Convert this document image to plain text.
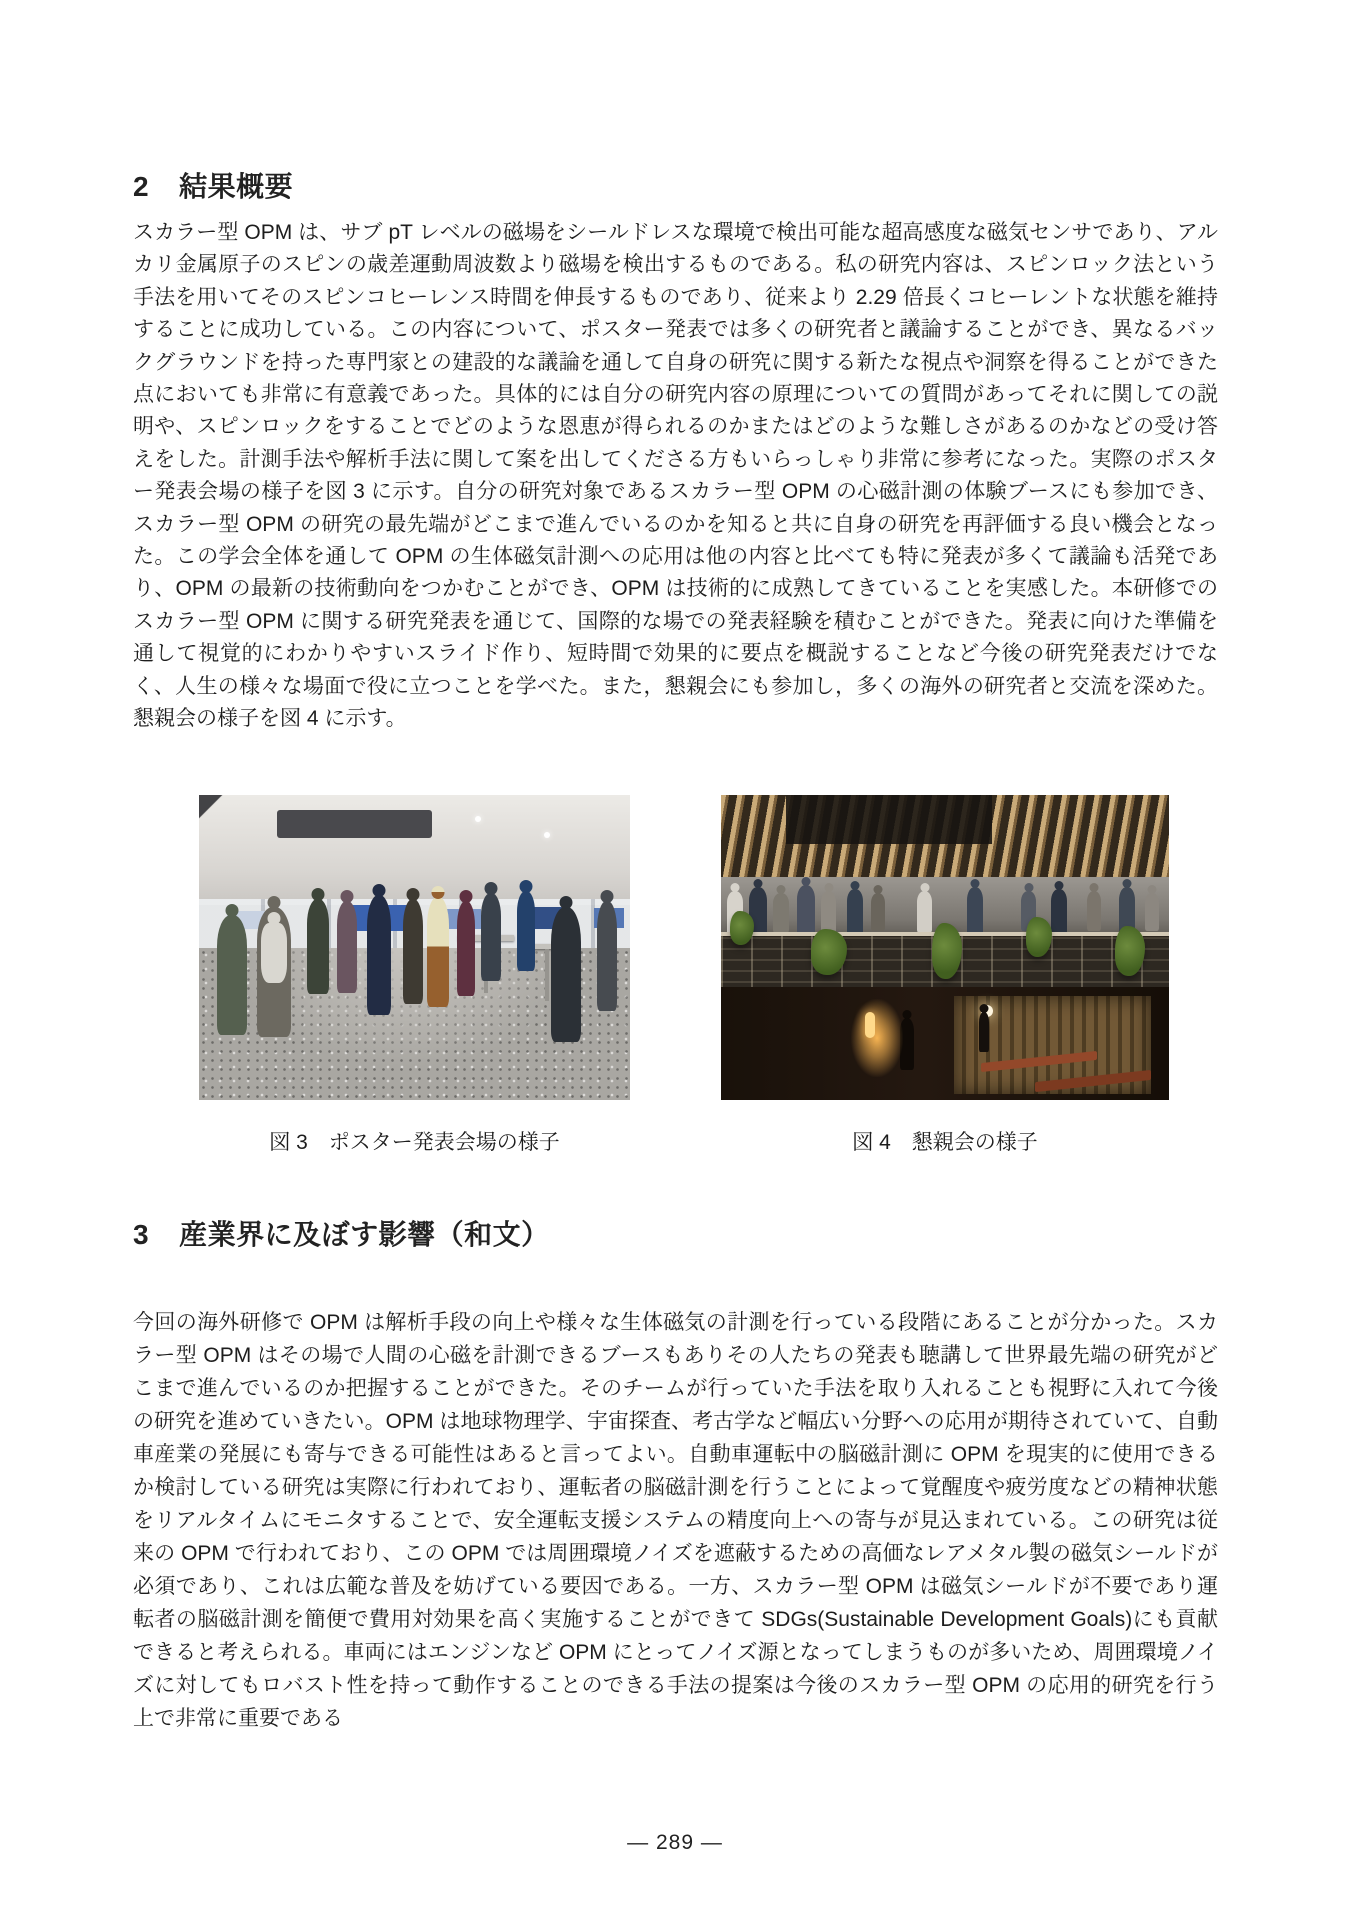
2 結果概要

スカラー型 OPM は、サブ pT レベルの磁場をシールドレスな環境で検出可能な超高感度な磁気センサであり、アルカリ金属原子のスピンの歳差運動周波数より磁場を検出するものである。私の研究内容は、スピンロック法という手法を用いてそのスピンコヒーレンス時間を伸長するものであり、従来より 2.29 倍長くコヒーレントな状態を維持することに成功している。この内容について、ポスター発表では多くの研究者と議論することができ、異なるバックグラウンドを持った専門家との建設的な議論を通して自身の研究に関する新たな視点や洞察を得ることができた点においても非常に有意義であった。具体的には自分の研究内容の原理についての質問があってそれに関しての説明や、スピンロックをすることでどのような恩恵が得られるのかまたはどのような難しさがあるのかなどの受け答えをした。計測手法や解析手法に関して案を出してくださる方もいらっしゃり非常に参考になった。実際のポスター発表会場の様子を図 3 に示す。自分の研究対象であるスカラー型 OPM の心磁計測の体験ブースにも参加でき、スカラー型 OPM の研究の最先端がどこまで進んでいるのかを知ると共に自身の研究を再評価する良い機会となった。この学会全体を通して OPM の生体磁気計測への応用は他の内容と比べても特に発表が多くて議論も活発であり、OPM の最新の技術動向をつかむことができ、OPM は技術的に成熟してきていることを実感した。本研修でのスカラー型 OPM に関する研究発表を通じて、国際的な場での発表経験を積むことができた。発表に向けた準備を通して視覚的にわかりやすいスライド作り、短時間で効果的に要点を概説することなど今後の研究発表だけでなく、人生の様々な場面で役に立つことを学べた。また，懇親会にも参加し，多くの海外の研究者と交流を深めた。懇親会の様子を図 4 に示す。

図 3　ポスター発表会場の様子	図 4　懇親会の様子
3 産業界に及ぼす影響（和文）

今回の海外研修で OPM は解析手段の向上や様々な生体磁気の計測を行っている段階にあることが分かった。スカラー型 OPM はその場で人間の心磁を計測できるブースもありその人たちの発表も聴講して世界最先端の研究がどこまで進んでいるのか把握することができた。そのチームが行っていた手法を取り入れることも視野に入れて今後の研究を進めていきたい。OPM は地球物理学、宇宙探査、考古学など幅広い分野への応用が期待されていて、自動車産業の発展にも寄与できる可能性はあると言ってよい。自動車運転中の脳磁計測に OPM を現実的に使用できるか検討している研究は実際に行われており、運転者の脳磁計測を行うことによって覚醒度や疲労度などの精神状態をリアルタイムにモニタすることで、安全運転支援システムの精度向上への寄与が見込まれている。この研究は従来の OPM で行われており、この OPM では周囲環境ノイズを遮蔽するための高価なレアメタル製の磁気シールドが必須であり、これは広範な普及を妨げている要因である。一方、スカラー型 OPM は磁気シールドが不要であり運転者の脳磁計測を簡便で費用対効果を高く実施することができて SDGs(Sustainable Development Goals)にも貢献できると考えられる。車両にはエンジンなど OPM にとってノイズ源となってしまうものが多いため、周囲環境ノイズに対してもロバスト性を持って動作することのできる手法の提案は今後のスカラー型 OPM の応用的研究を行う上で非常に重要である

— 289 —
